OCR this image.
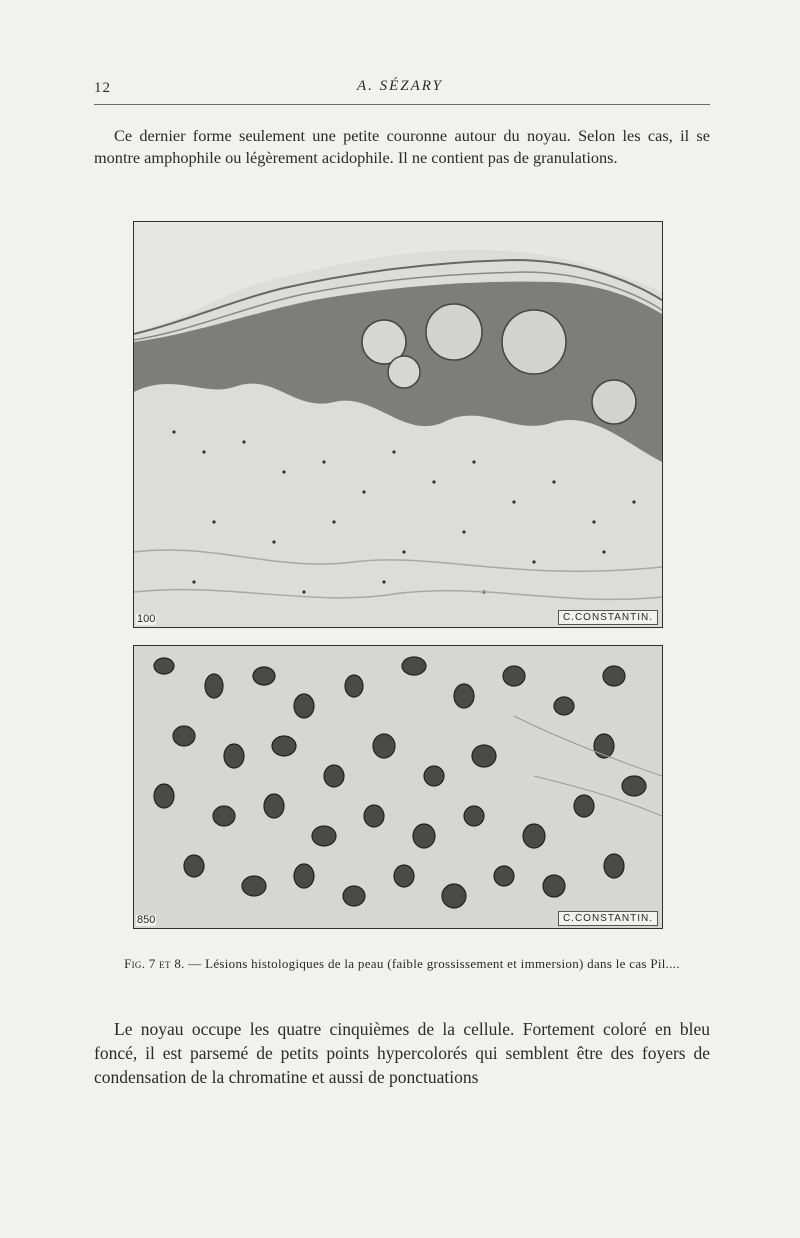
12	A. SÉZARY

Ce dernier forme seulement une petite couronne autour du noyau. Selon les cas, il se montre amphophile ou légèrement acidophile. Il ne contient pas de granulations.

100	C.CONSTANTIN.
850	C.CONSTANTIN.

Fig. 7 et 8. — Lésions histologiques de la peau (faible grossissement et immersion) dans le cas Pil....

Le noyau occupe les quatre cinquièmes de la cellule. Fortement coloré en bleu foncé, il est parsemé de petits points hypercolorés qui semblent être des foyers de condensation de la chromatine et aussi de ponctuations
